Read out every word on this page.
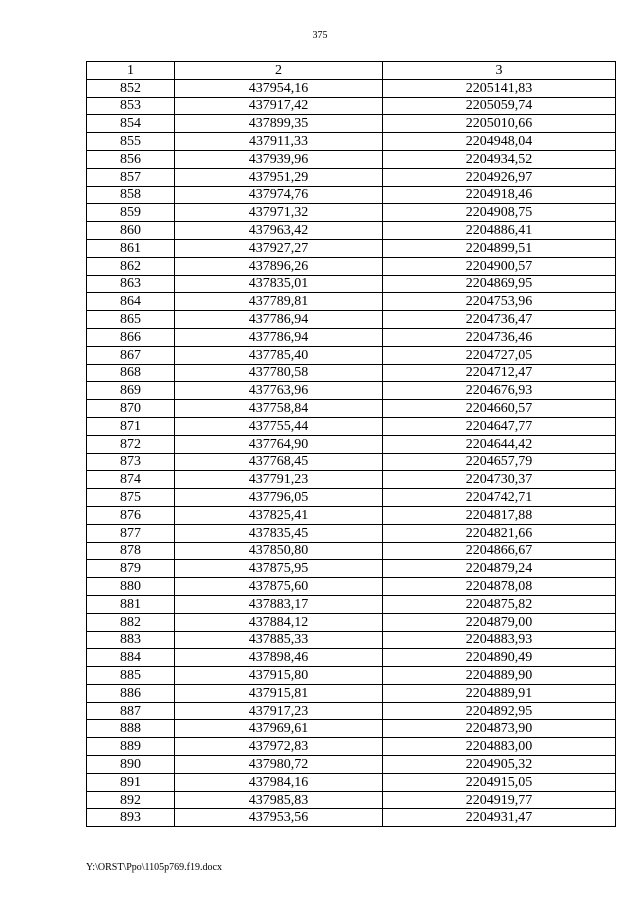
375
1	2	3
852	437954,16	2205141,83
853	437917,42	2205059,74
854	437899,35	2205010,66
855	437911,33	2204948,04
856	437939,96	2204934,52
857	437951,29	2204926,97
858	437974,76	2204918,46
859	437971,32	2204908,75
860	437963,42	2204886,41
861	437927,27	2204899,51
862	437896,26	2204900,57
863	437835,01	2204869,95
864	437789,81	2204753,96
865	437786,94	2204736,47
866	437786,94	2204736,46
867	437785,40	2204727,05
868	437780,58	2204712,47
869	437763,96	2204676,93
870	437758,84	2204660,57
871	437755,44	2204647,77
872	437764,90	2204644,42
873	437768,45	2204657,79
874	437791,23	2204730,37
875	437796,05	2204742,71
876	437825,41	2204817,88
877	437835,45	2204821,66
878	437850,80	2204866,67
879	437875,95	2204879,24
880	437875,60	2204878,08
881	437883,17	2204875,82
882	437884,12	2204879,00
883	437885,33	2204883,93
884	437898,46	2204890,49
885	437915,80	2204889,90
886	437915,81	2204889,91
887	437917,23	2204892,95
888	437969,61	2204873,90
889	437972,83	2204883,00
890	437980,72	2204905,32
891	437984,16	2204915,05
892	437985,83	2204919,77
893	437953,56	2204931,47
Y:\ORST\Ppo\1105p769.f19.docx
